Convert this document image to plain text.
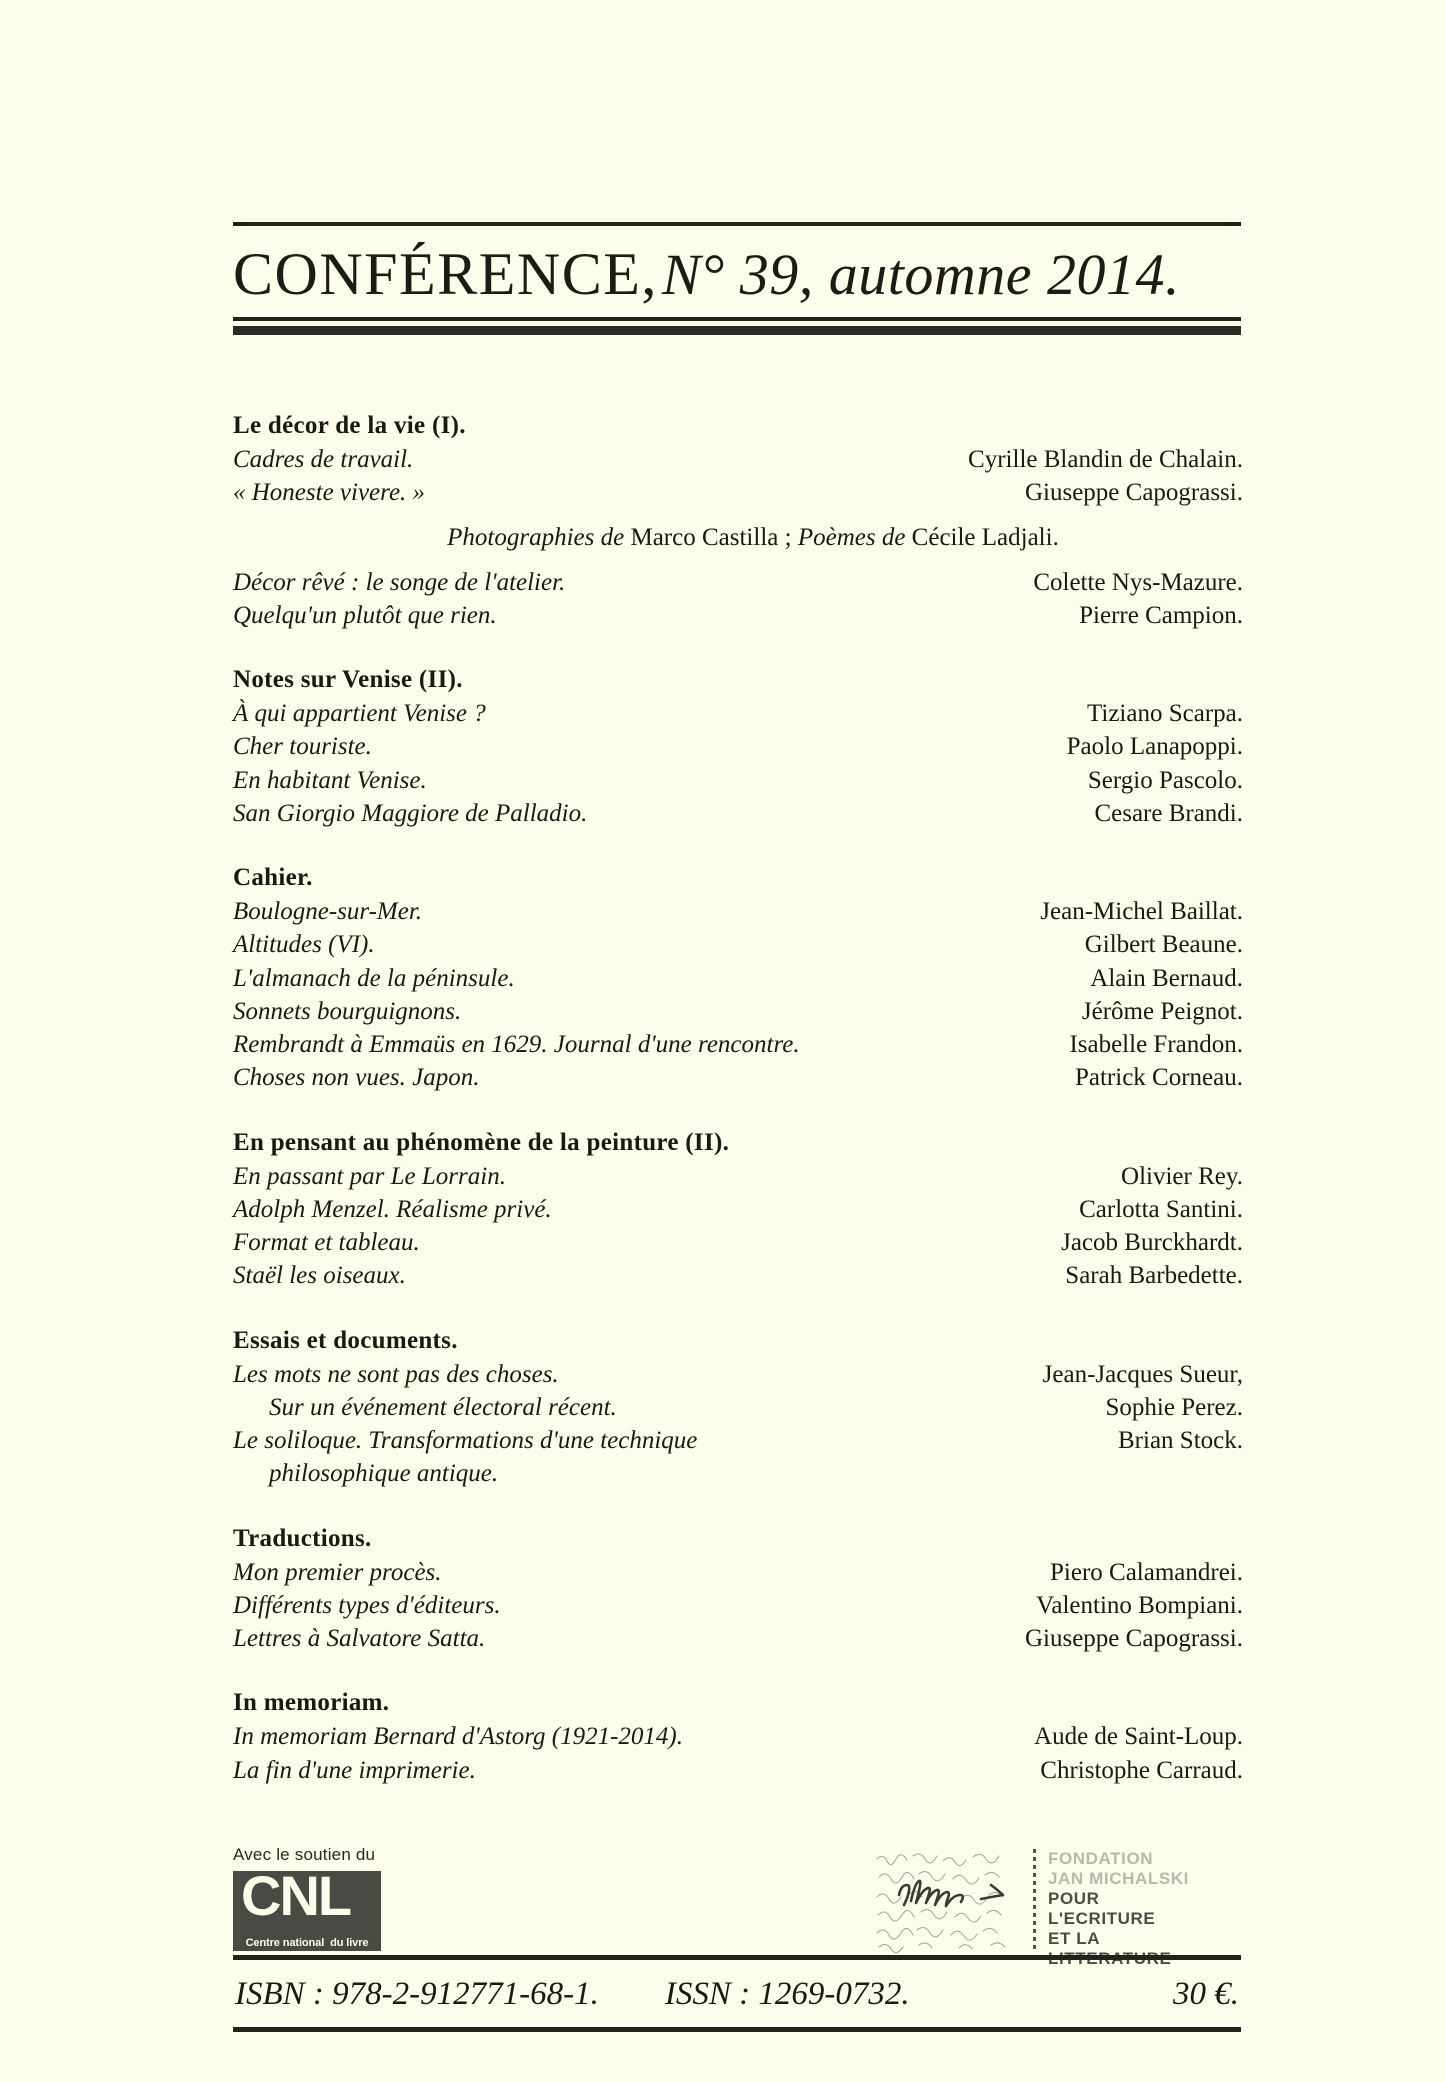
CONFÉRENCE, N° 39, automne 2014.
Le décor de la vie (I).
Cadres de travail.	Cyrille Blandin de Chalain.
« Honeste vivere. »	Giuseppe Capograssi.
Photographies de Marco Castilla ; Poèmes de Cécile Ladjali.
Décor rêvé : le songe de l'atelier.	Colette Nys-Mazure.
Quelqu'un plutôt que rien.	Pierre Campion.
Notes sur Venise (II).
À qui appartient Venise ?	Tiziano Scarpa.
Cher touriste.	Paolo Lanapoppi.
En habitant Venise.	Sergio Pascolo.
San Giorgio Maggiore de Palladio.	Cesare Brandi.
Cahier.
Boulogne-sur-Mer.	Jean-Michel Baillat.
Altitudes (VI).	Gilbert Beaune.
L'almanach de la péninsule.	Alain Bernaud.
Sonnets bourguignons.	Jérôme Peignot.
Rembrandt à Emmaüs en 1629. Journal d'une rencontre.	Isabelle Frandon.
Choses non vues. Japon.	Patrick Corneau.
En pensant au phénomène de la peinture (II).
En passant par Le Lorrain.	Olivier Rey.
Adolph Menzel. Réalisme privé.	Carlotta Santini.
Format et tableau.	Jacob Burckhardt.
Staël les oiseaux.	Sarah Barbedette.
Essais et documents.
Les mots ne sont pas des choses.	Jean-Jacques Sueur,
Sur un événement électoral récent.	Sophie Perez.
Le soliloque. Transformations d'une technique	Brian Stock.
philosophique antique.
Traductions.
Mon premier procès.	Piero Calamandrei.
Différents types d'éditeurs.	Valentino Bompiani.
Lettres à Salvatore Satta.	Giuseppe Capograssi.
In memoriam.
In memoriam Bernard d'Astorg (1921-2014).	Aude de Saint-Loup.
La fin d'une imprimerie.	Christophe Carraud.
Avec le soutien du
CNL
Centre national du livre
FONDATION
JAN MICHALSKI
POUR
L'ECRITURE
ET LA
ISBN : 978-2-912771-68-1. ISSN : 1269-0732.	30 €.
